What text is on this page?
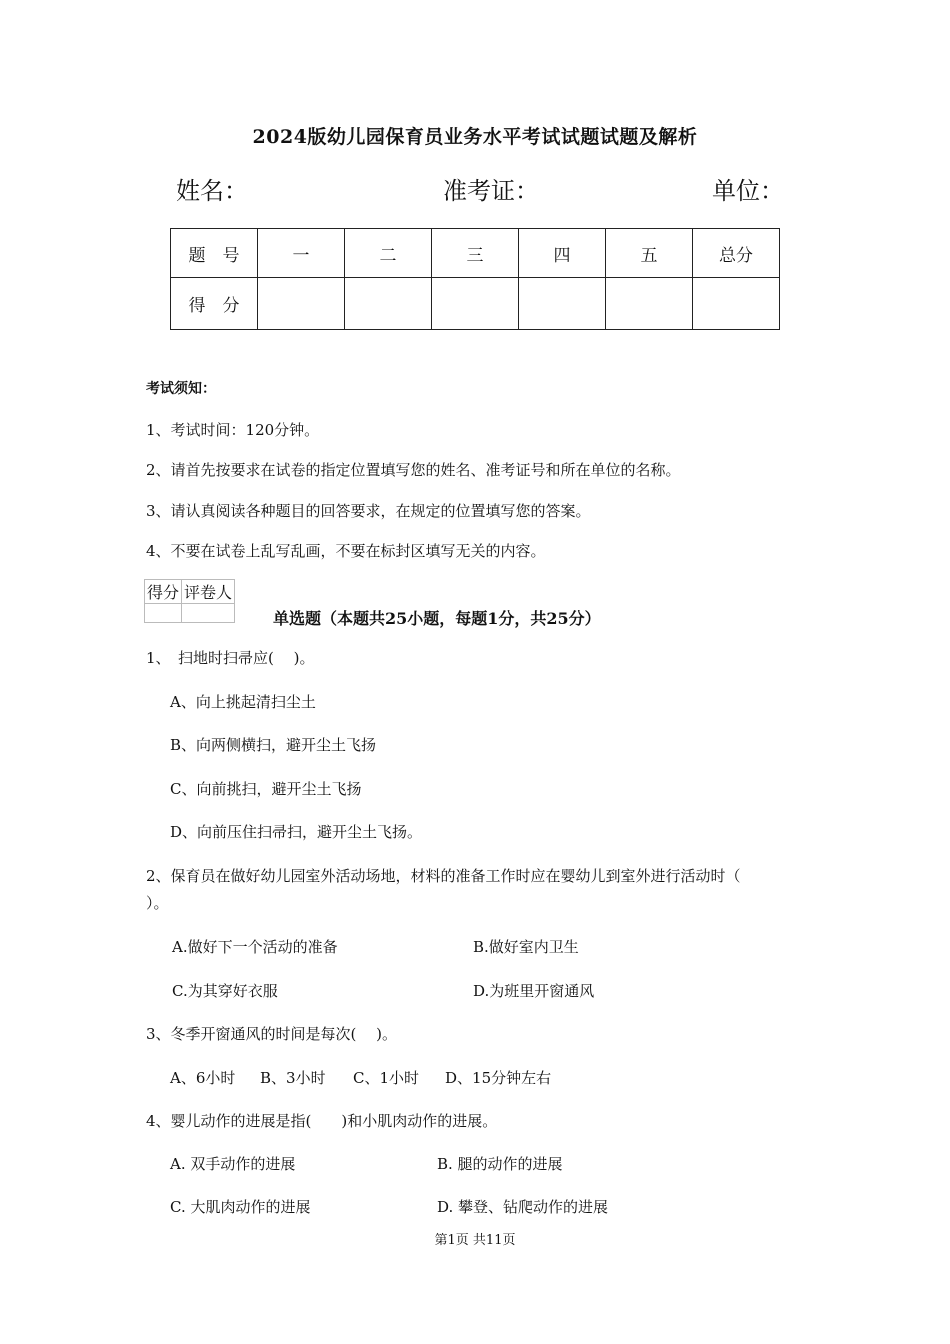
2024版幼儿园保育员业务水平考试试题试题及解析
姓名：	准考证：	单位：
题　号	一	二	三	四	五	总分
得　分						
考试须知：
1、考试时间：120分钟。
2、请首先按要求在试卷的指定位置填写您的姓名、准考证号和所在单位的名称。
3、请认真阅读各种题目的回答要求，在规定的位置填写您的答案。
4、不要在试卷上乱写乱画，不要在标封区填写无关的内容。
得分	评卷人

单选题（本题共25小题，每题1分，共25分）
1、　扫地时扫帚应(　 )。
A、向上挑起清扫尘土
B、向两侧横扫，避开尘土飞扬
C、向前挑扫，避开尘土飞扬
D、向前压住扫帚扫，避开尘土飞扬。
2、保育员在做好幼儿园室外活动场地，材料的准备工作时应在婴幼儿到室外进行活动时（
）。
A.做好下一个活动的准备	B.做好室内卫生
C.为其穿好衣服	D.为班里开窗通风
3、冬季开窗通风的时间是每次(　 )。
A、6小时 B、3小时 C、1小时 D、15分钟左右
4、婴儿动作的进展是指(　　)和小肌肉动作的进展。
A. 双手动作的进展	B. 腿的动作的进展
C. 大肌肉动作的进展	D. 攀登、钻爬动作的进展
第1页 共11页
